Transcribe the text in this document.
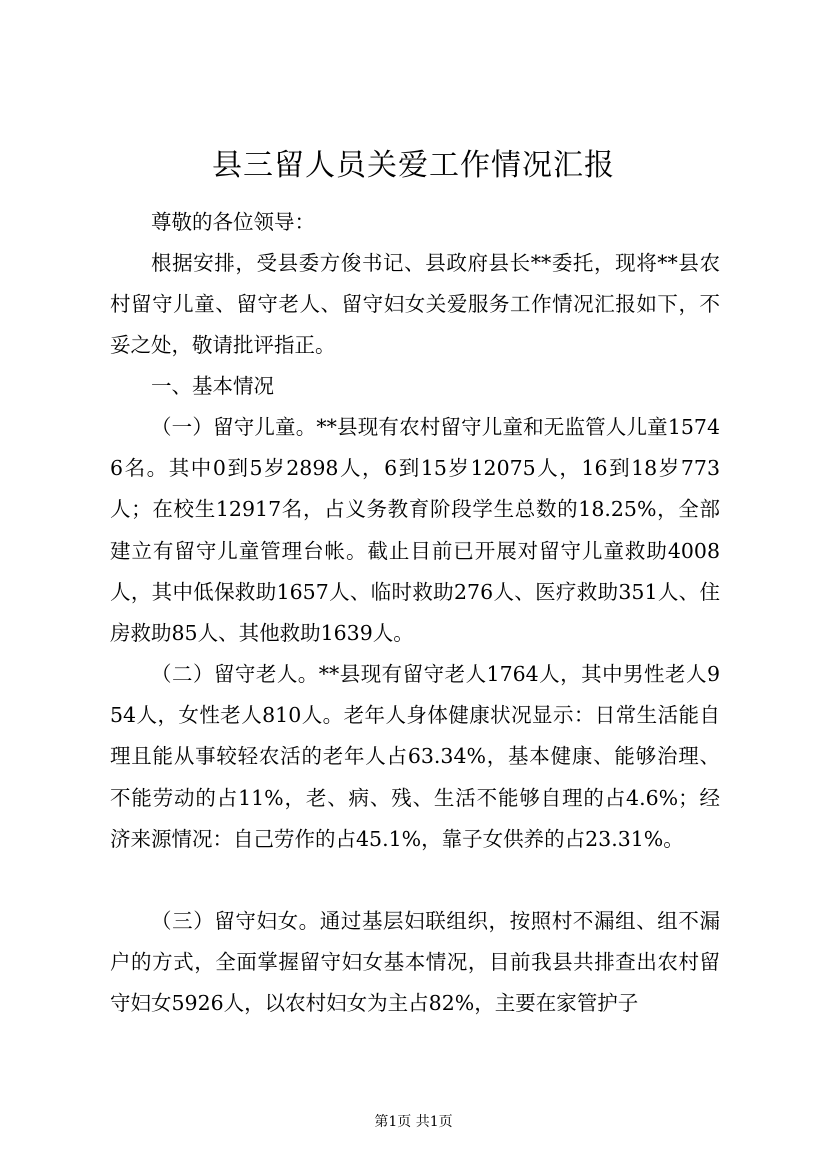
县三留人员关爱工作情况汇报

尊敬的各位领导：

根据安排，受县委方俊书记、县政府县长**委托，现将**县农村留守儿童、留守老人、留守妇女关爱服务工作情况汇报如下，不妥之处，敬请批评指正。

一、基本情况

（一）留守儿童。**县现有农村留守儿童和无监管人儿童15746名。其中0到5岁2898人，6到15岁12075人，16到18岁773人；在校生12917名，占义务教育阶段学生总数的18.25%，全部建立有留守儿童管理台帐。截止目前已开展对留守儿童救助4008人，其中低保救助1657人、临时救助276人、医疗救助351人、住房救助85人、其他救助1639人。

（二）留守老人。**县现有留守老人1764人，其中男性老人954人，女性老人810人。老年人身体健康状况显示：日常生活能自理且能从事较轻农活的老年人占63.34%，基本健康、能够治理、不能劳动的占11%，老、病、残、生活不能够自理的占4.6%；经济来源情况：自己劳作的占45.1%，靠子女供养的占23.31%。

（三）留守妇女。通过基层妇联组织，按照村不漏组、组不漏户的方式，全面掌握留守妇女基本情况，目前我县共排查出农村留守妇女5926人，以农村妇女为主占82%，主要在家管护子

第1页 共1页
